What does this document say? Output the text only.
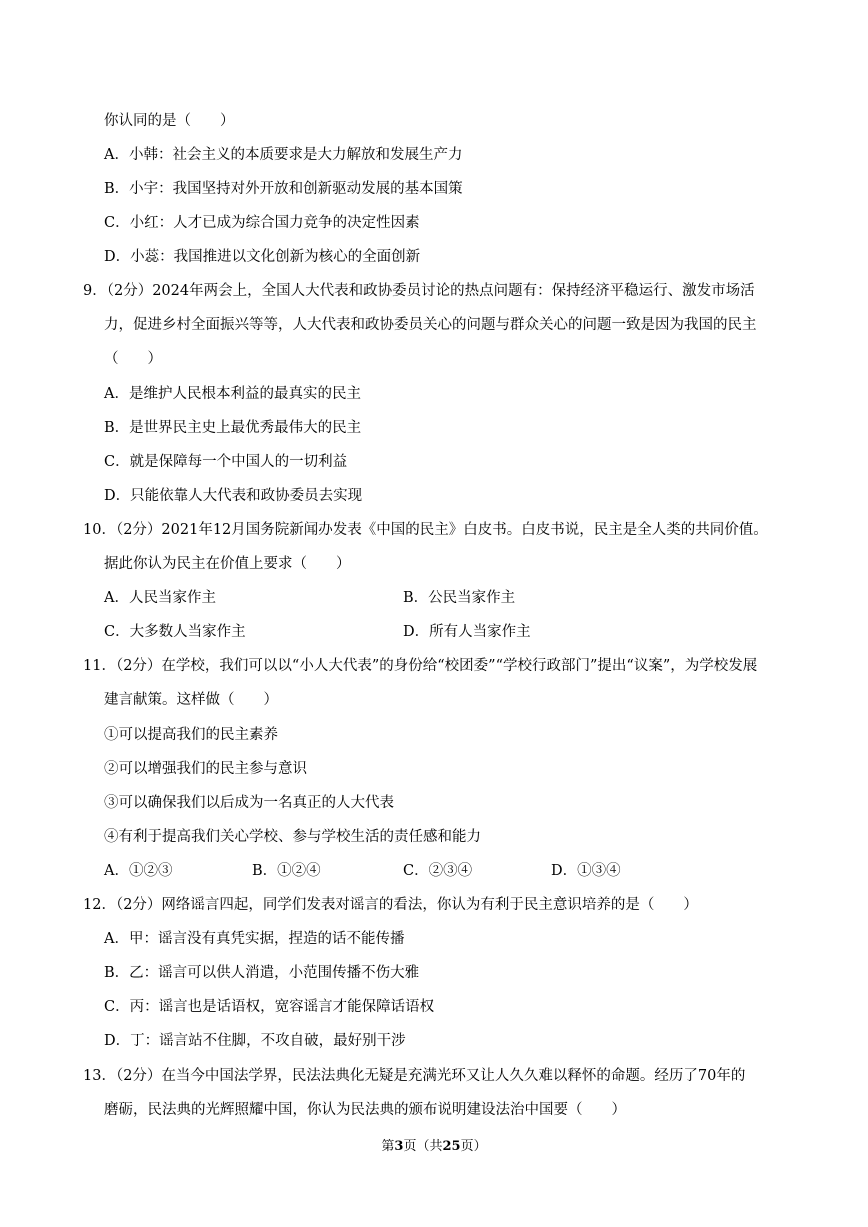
你认同的是（　　）
A．小韩：社会主义的本质要求是大力解放和发展生产力
B．小宇：我国坚持对外开放和创新驱动发展的基本国策
C．小红：人才已成为综合国力竞争的决定性因素
D．小蕊：我国推进以文化创新为核心的全面创新
9．（2分）2024年两会上，全国人大代表和政协委员讨论的热点问题有：保持经济平稳运行、激发市场活
力，促进乡村全面振兴等等，人大代表和政协委员关心的问题与群众关心的问题一致是因为我国的民主
（　　）
A．是维护人民根本利益的最真实的民主
B．是世界民主史上最优秀最伟大的民主
C．就是保障每一个中国人的一切利益
D．只能依靠人大代表和政协委员去实现
10．（2分）2021年12月国务院新闻办发表《中国的民主》白皮书。白皮书说，民主是全人类的共同价值。
据此你认为民主在价值上要求（　　）
A．人民当家作主	B．公民当家作主
C．大多数人当家作主	D．所有人当家作主
11．（2分）在学校，我们可以以“小人大代表”的身份给“校团委”“学校行政部门”提出“议案”，为学校发展
建言献策。这样做（　　）
①可以提高我们的民主素养
②可以增强我们的民主参与意识
③可以确保我们以后成为一名真正的人大代表
④有利于提高我们关心学校、参与学校生活的责任感和能力
A．①②③	B．①②④	C．②③④	D．①③④
12．（2分）网络谣言四起，同学们发表对谣言的看法，你认为有利于民主意识培养的是（　　）
A．甲：谣言没有真凭实据，捏造的话不能传播
B．乙：谣言可以供人消遣，小范围传播不伤大雅
C．丙：谣言也是话语权，宽容谣言才能保障话语权
D．丁：谣言站不住脚，不攻自破，最好别干涉
13．（2分）在当今中国法学界，民法法典化无疑是充满光环又让人久久难以释怀的命题。经历了70年的
磨砺，民法典的光辉照耀中国，你认为民法典的颁布说明建设法治中国要（　　）
第3页（共25页）
